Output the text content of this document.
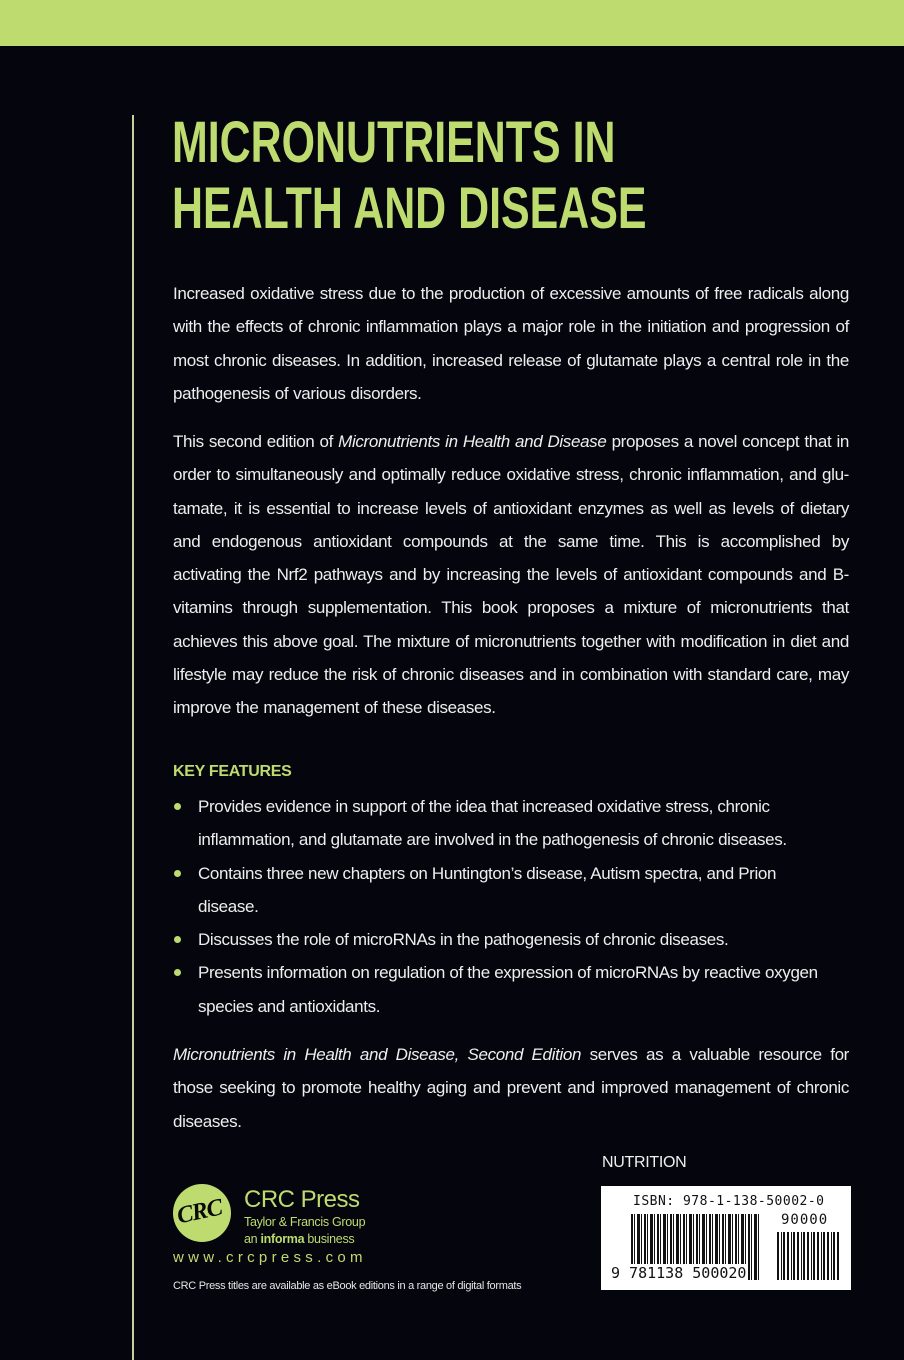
MICRONUTRIENTS IN
HEALTH AND DISEASE

Increased oxidative stress due to the production of excessive amounts of free radicals along with the effects of chronic inflammation plays a major role in the initiation and progression of most chronic diseases. In addition, increased release of glutamate plays a central role in the pathogenesis of various disorders.

This second edition of Micronutrients in Health and Disease proposes a novel concept that in order to simultaneously and optimally reduce oxidative stress, chronic inflammation, and glu-tamate, it is essential to increase levels of antioxidant enzymes as well as levels of dietary and endogenous antioxidant compounds at the same time. This is accomplished by activating the Nrf2 pathways and by increasing the levels of antioxidant compounds and B-vitamins through supplementation. This book proposes a mixture of micronutrients that achieves this above goal. The mixture of micronutrients together with modification in diet and lifestyle may reduce the risk of chronic diseases and in combination with standard care, may improve the management of these diseases.

KEY FEATURES
Provides evidence in support of the idea that increased oxidative stress, chronic inflammation, and glutamate are involved in the pathogenesis of chronic diseases.
Contains three new chapters on Huntington’s disease, Autism spectra, and Prion disease.
Discusses the role of microRNAs in the pathogenesis of chronic diseases.
Presents information on regulation of the expression of microRNAs by reactive oxygen species and antioxidants.

Micronutrients in Health and Disease, Second Edition serves as a valuable resource for those seeking to promote healthy aging and prevent and improved management of chronic diseases.

CRC CRC Press

Taylor & Francis Group

an informa business

www.crcpress.com

CRC Press titles are available as eBook editions in a range of digital formats

NUTRITION

ISBN: 978-1-138-50002-0

90000

9 781138 500020
